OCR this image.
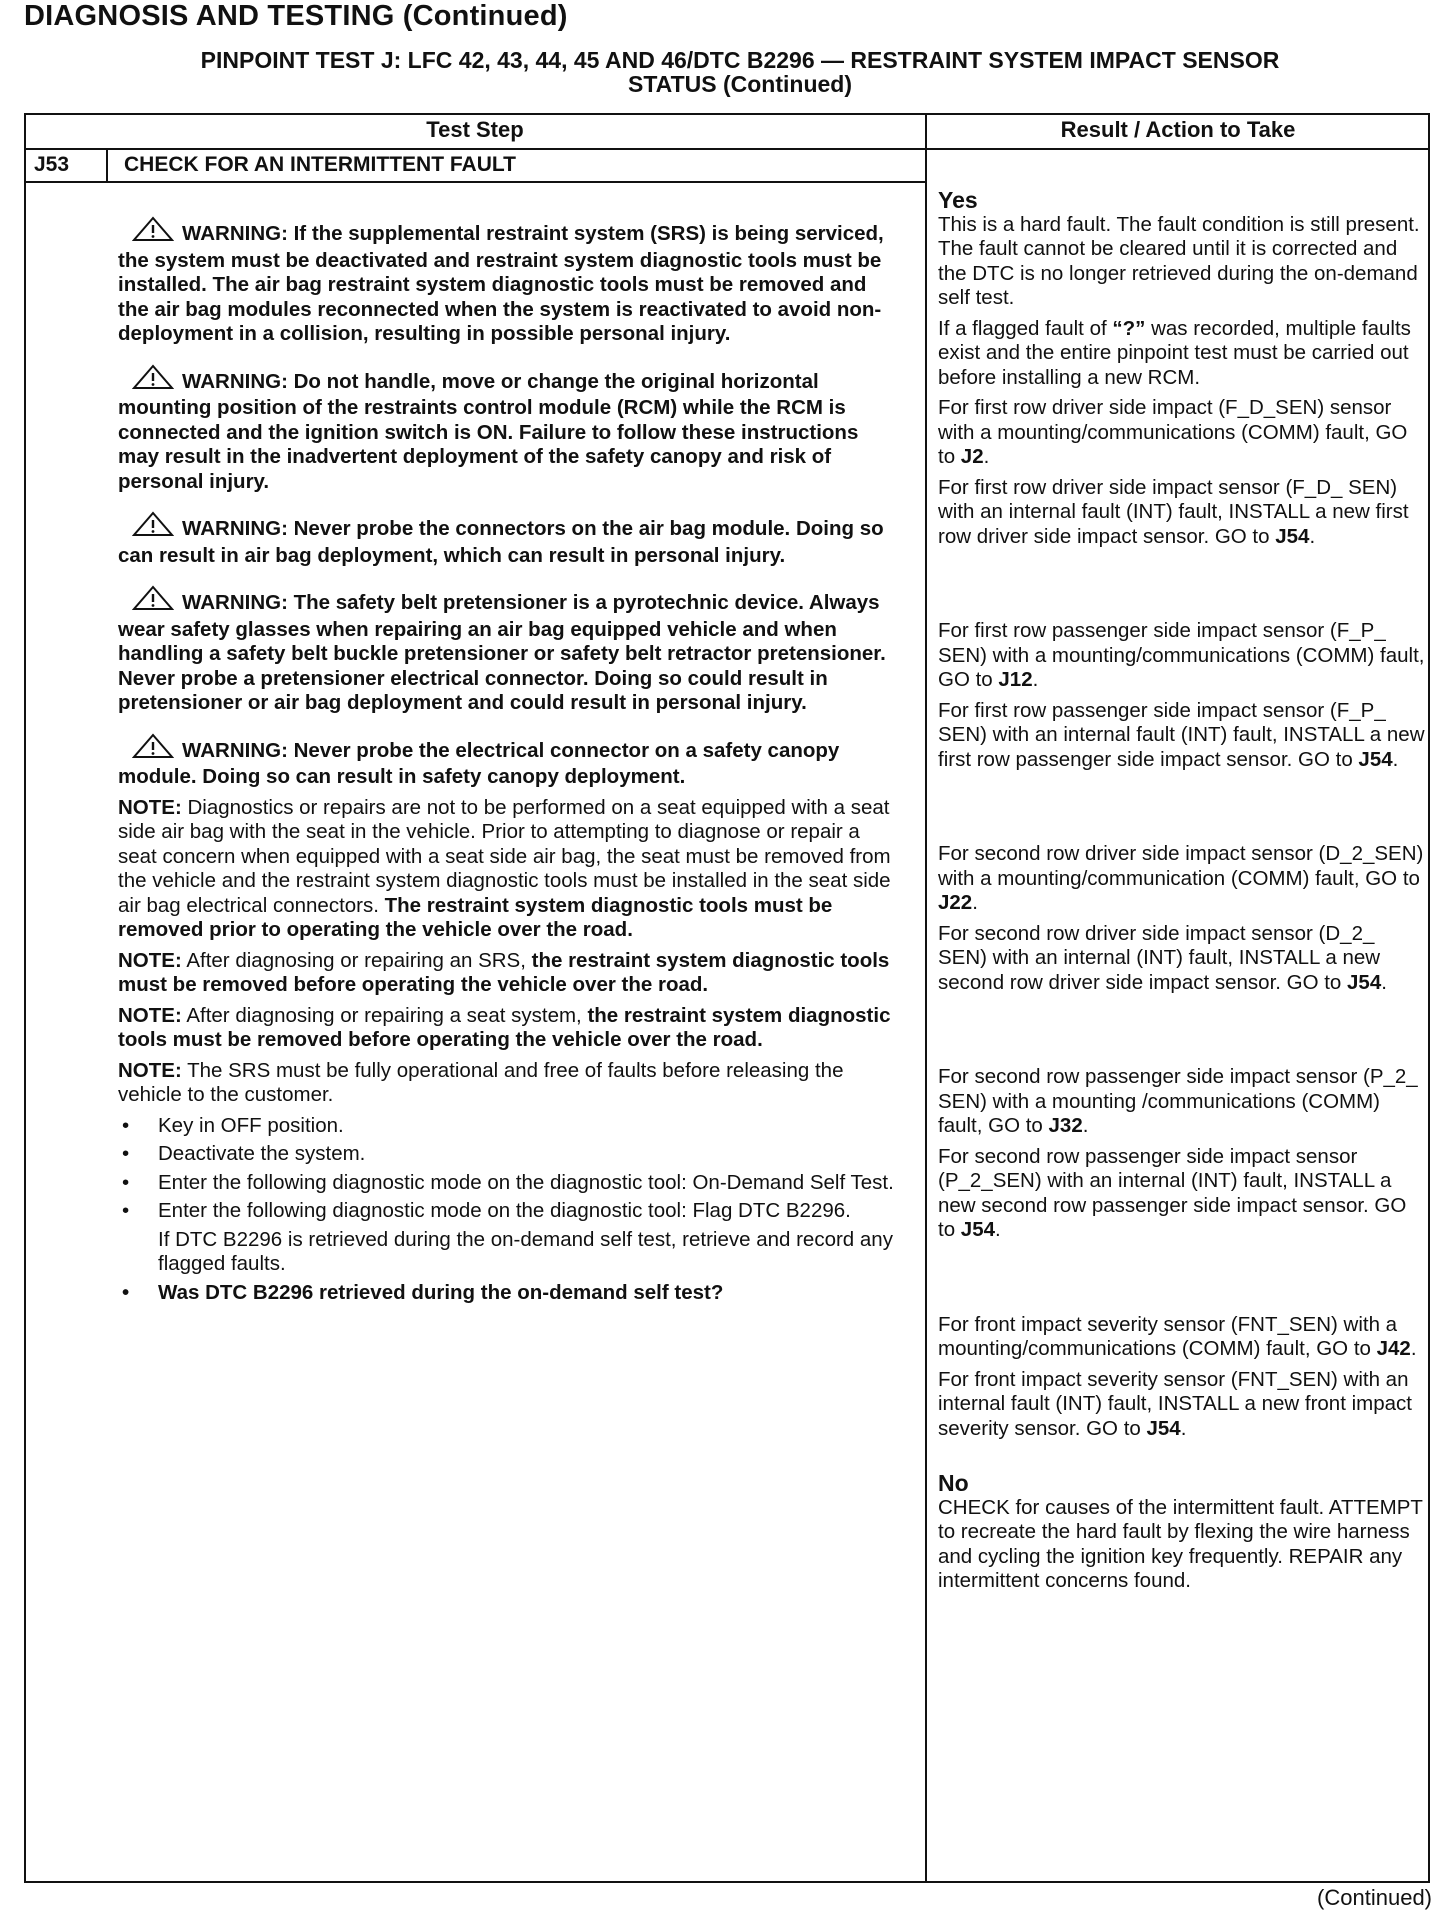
DIAGNOSIS AND TESTING (Continued)
PINPOINT TEST J: LFC 42, 43, 44, 45 AND 46/DTC B2296 — RESTRAINT SYSTEM IMPACT SENSOR
STATUS (Continued)
Test Step	Result / Action to Take
J53	CHECK FOR AN INTERMITTENT FAULT
WARNING: If the supplemental restraint system (SRS) is being serviced, the system must be deactivated and restraint system diagnostic tools must be installed. The air bag restraint system diagnostic tools must be removed and the air bag modules reconnected when the system is reactivated to avoid non-deployment in a collision, resulting in possible personal injury.
WARNING: Do not handle, move or change the original horizontal mounting position of the restraints control module (RCM) while the RCM is connected and the ignition switch is ON. Failure to follow these instructions may result in the inadvertent deployment of the safety canopy and risk of personal injury.
WARNING: Never probe the connectors on the air bag module. Doing so can result in air bag deployment, which can result in personal injury.
WARNING: The safety belt pretensioner is a pyrotechnic device. Always wear safety glasses when repairing an air bag equipped vehicle and when handling a safety belt buckle pretensioner or safety belt retractor pretensioner. Never probe a pretensioner electrical connector. Doing so could result in pretensioner or air bag deployment and could result in personal injury.
WARNING: Never probe the electrical connector on a safety canopy module. Doing so can result in safety canopy deployment.
NOTE: Diagnostics or repairs are not to be performed on a seat equipped with a seat side air bag with the seat in the vehicle. Prior to attempting to diagnose or repair a seat concern when equipped with a seat side air bag, the seat must be removed from the vehicle and the restraint system diagnostic tools must be installed in the seat side air bag electrical connectors. The restraint system diagnostic tools must be removed prior to operating the vehicle over the road.
NOTE: After diagnosing or repairing an SRS, the restraint system diagnostic tools must be removed before operating the vehicle over the road.
NOTE: After diagnosing or repairing a seat system, the restraint system diagnostic tools must be removed before operating the vehicle over the road.
NOTE: The SRS must be fully operational and free of faults before releasing the vehicle to the customer.
• Key in OFF position.
• Deactivate the system.
• Enter the following diagnostic mode on the diagnostic tool: On-Demand Self Test.
• Enter the following diagnostic mode on the diagnostic tool: Flag DTC B2296.
If DTC B2296 is retrieved during the on-demand self test, retrieve and record any flagged faults.
• Was DTC B2296 retrieved during the on-demand self test?
Yes
This is a hard fault. The fault condition is still present. The fault cannot be cleared until it is corrected and the DTC is no longer retrieved during the on-demand self test.
If a flagged fault of “?” was recorded, multiple faults exist and the entire pinpoint test must be carried out before installing a new RCM.
For first row driver side impact (F_D_SEN) sensor with a mounting/communications (COMM) fault, GO to J2.
For first row driver side impact sensor (F_D_ SEN) with an internal fault (INT) fault, INSTALL a new first row driver side impact sensor. GO to J54.
For first row passenger side impact sensor (F_P_ SEN) with a mounting/communications (COMM) fault, GO to J12.
For first row passenger side impact sensor (F_P_ SEN) with an internal fault (INT) fault, INSTALL a new first row passenger side impact sensor. GO to J54.
For second row driver side impact sensor (D_2_SEN) with a mounting/communication (COMM) fault, GO to J22.
For second row driver side impact sensor (D_2_ SEN) with an internal (INT) fault, INSTALL a new second row driver side impact sensor. GO to J54.
For second row passenger side impact sensor (P_2_ SEN) with a mounting /communications (COMM) fault, GO to J32.
For second row passenger side impact sensor (P_2_SEN) with an internal (INT) fault, INSTALL a new second row passenger side impact sensor. GO to J54.
For front impact severity sensor (FNT_SEN) with a mounting/communications (COMM) fault, GO to J42.
For front impact severity sensor (FNT_SEN) with an internal fault (INT) fault, INSTALL a new front impact severity sensor. GO to J54.
No
CHECK for causes of the intermittent fault. ATTEMPT to recreate the hard fault by flexing the wire harness and cycling the ignition key frequently. REPAIR any intermittent concerns found.
(Continued)
